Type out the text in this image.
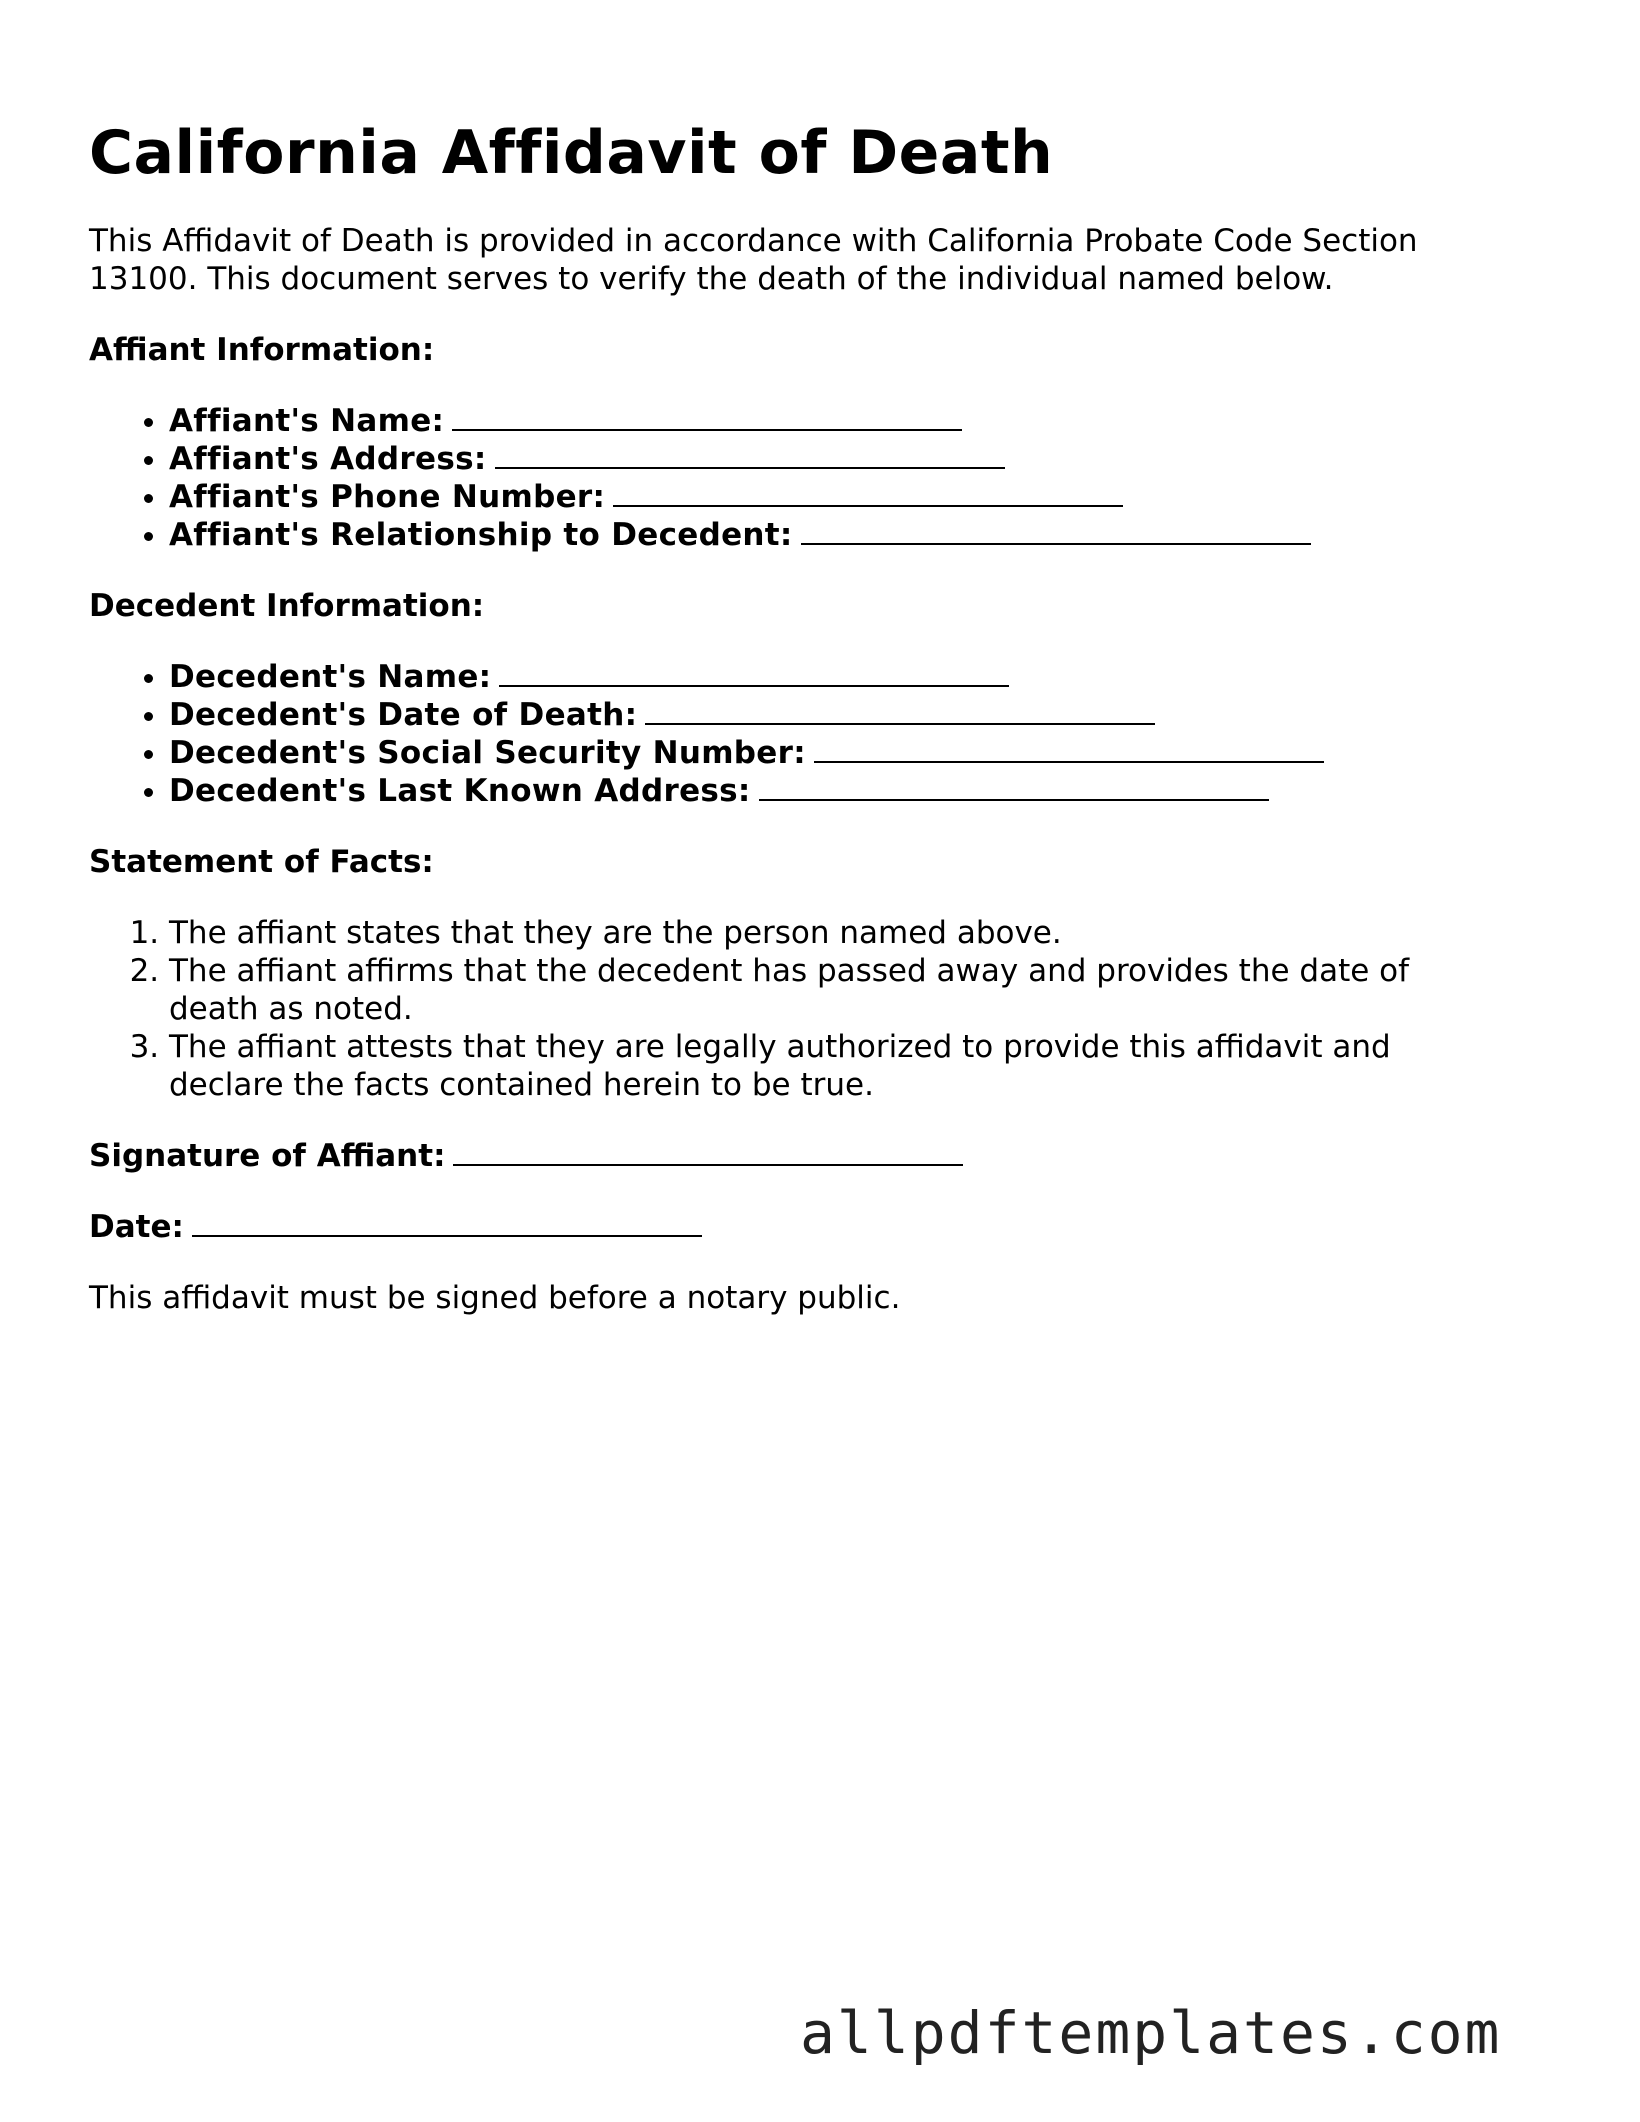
California Affidavit of Death

This Affidavit of Death is provided in accordance with California Probate Code Section 13100. This document serves to verify the death of the individual named below.

Affiant Information:
• Affiant's Name:
• Affiant's Address:
• Affiant's Phone Number:
• Affiant's Relationship to Decedent:
Decedent Information:
• Decedent's Name:
• Decedent's Date of Death:
• Decedent's Social Security Number:
• Decedent's Last Known Address:
Statement of Facts:
1. The affiant states that they are the person named above.
2. The affiant affirms that the decedent has passed away and provides the date of death as noted.
3. The affiant attests that they are legally authorized to provide this affidavit and declare the facts contained herein to be true.
Signature of Affiant:
Date:

This affidavit must be signed before a notary public.

allpdftemplates.com
